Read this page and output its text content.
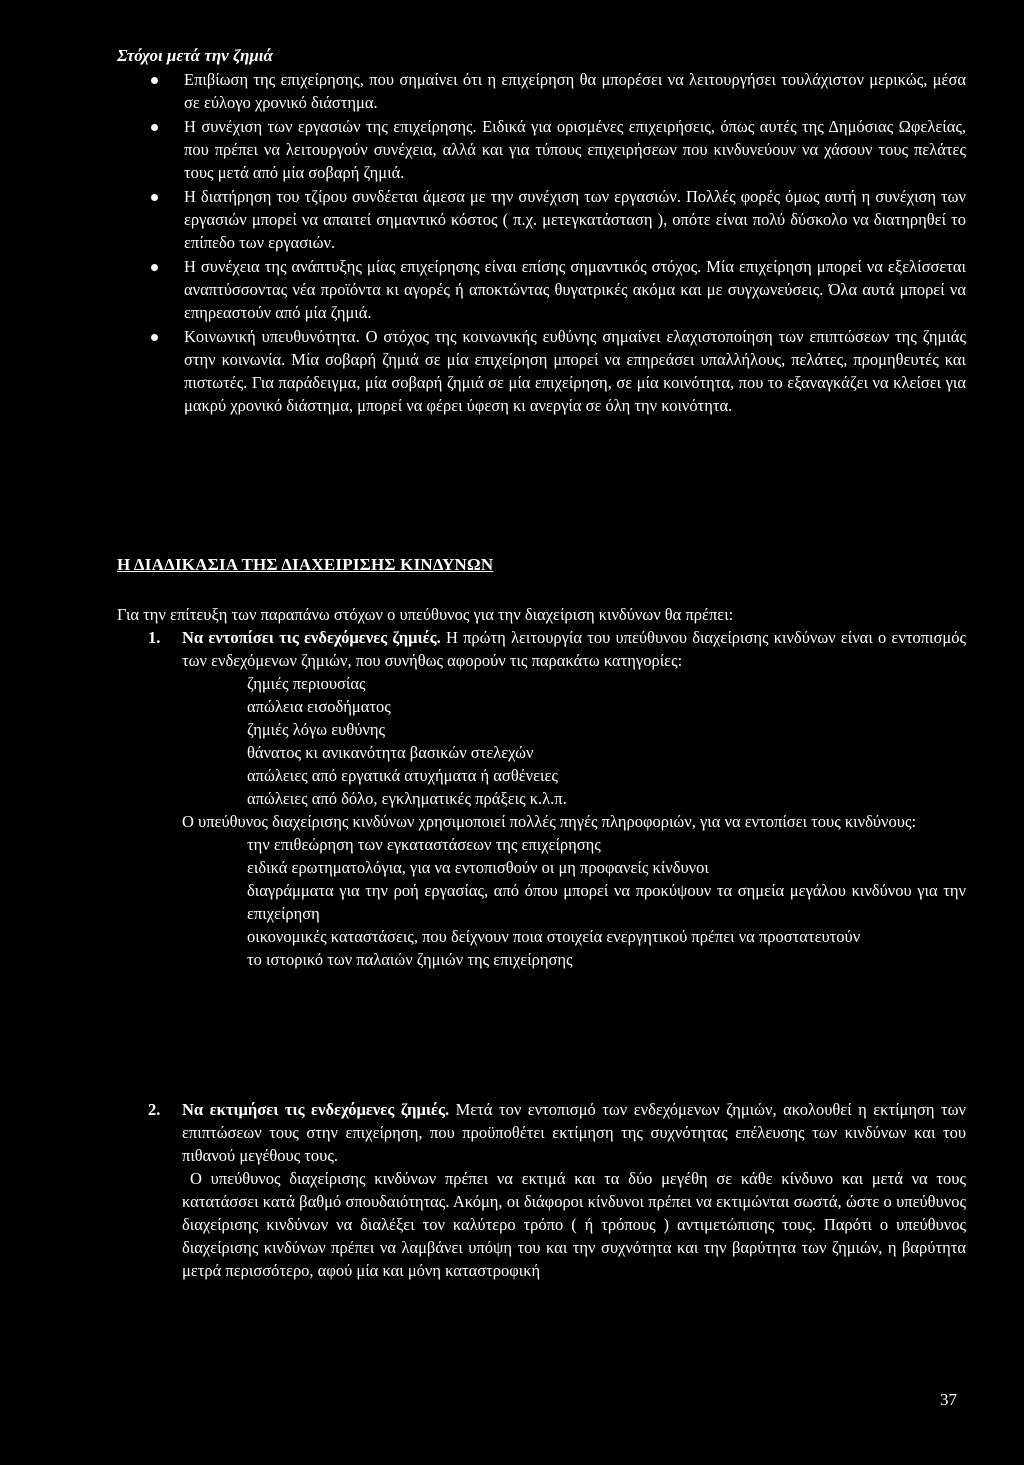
Στόχοι μετά την ζημιά
Επιβίωση της επιχείρησης, που σημαίνει ότι η επιχείρηση θα μπορέσει να λειτουργήσει τουλάχιστον μερικώς, μέσα σε εύλογο χρονικό διάστημα.
Η συνέχιση των εργασιών της επιχείρησης. Ειδικά για ορισμένες επιχειρήσεις, όπως αυτές της Δημόσιας Ωφελείας, που πρέπει να λειτουργούν συνέχεια, αλλά και για τύπους επιχειρήσεων που κινδυνεύουν να χάσουν τους πελάτες τους μετά από μία σοβαρή ζημιά.
Η διατήρηση του τζίρου συνδέεται άμεσα με την συνέχιση των εργασιών. Πολλές φορές όμως αυτή η συνέχιση των εργασιών μπορεί να απαιτεί σημαντικό κόστος ( π.χ. μετεγκατάσταση ), οπότε είναι πολύ δύσκολο να διατηρηθεί το επίπεδο των εργασιών.
Η συνέχεια της ανάπτυξης μίας επιχείρησης είναι επίσης σημαντικός στόχος. Μία επιχείρηση μπορεί να εξελίσσεται αναπτύσσοντας νέα προϊόντα κι αγορές ή αποκτώντας θυγατρικές ακόμα και με συγχωνεύσεις. Όλα αυτά μπορεί να επηρεαστούν από μία ζημιά.
Κοινωνική υπευθυνότητα. Ο στόχος της κοινωνικής ευθύνης σημαίνει ελαχιστοποίηση των επιπτώσεων της ζημιάς στην κοινωνία. Μία σοβαρή ζημιά σε μία επιχείρηση μπορεί να επηρεάσει υπαλλήλους, πελάτες, προμηθευτές και πιστωτές. Για παράδειγμα, μία σοβαρή ζημιά σε μία επιχείρηση, σε μία κοινότητα, που το εξαναγκάζει να κλείσει για μακρύ χρονικό διάστημα, μπορεί να φέρει ύφεση κι ανεργία σε όλη την κοινότητα.
Η ΔΙΑΔΙΚΑΣΙΑ ΤΗΣ ΔΙΑΧΕΙΡΙΣΗΣ ΚΙΝΔΥΝΩΝ
Για την επίτευξη των παραπάνω στόχων ο υπεύθυνος για την διαχείριση κινδύνων θα πρέπει:
1. Να εντοπίσει τις ενδεχόμενες ζημιές. Η πρώτη λειτουργία του υπεύθυνου διαχείρισης κινδύνων είναι ο εντοπισμός των ενδεχόμενων ζημιών, που συνήθως αφορούν τις παρακάτω κατηγορίες:
ζημιές περιουσίας
απώλεια εισοδήματος
ζημιές λόγω ευθύνης
θάνατος κι ανικανότητα βασικών στελεχών
απώλειες από εργατικά ατυχήματα ή ασθένειες
απώλειες από δόλο, εγκληματικές πράξεις κ.λ.π.
Ο υπεύθυνος διαχείρισης κινδύνων χρησιμοποιεί πολλές πηγές πληροφοριών, για να εντοπίσει τους κινδύνους:
την επιθεώρηση των εγκαταστάσεων της επιχείρησης
ειδικά ερωτηματολόγια, για να εντοπισθούν οι μη προφανείς κίνδυνοι
διαγράμματα για την ροή εργασίας, από όπου μπορεί να προκύψουν τα σημεία μεγάλου κινδύνου για την επιχείρηση
οικονομικές καταστάσεις, που δείχνουν ποια στοιχεία ενεργητικού πρέπει να προστατευτούν
το ιστορικό των παλαιών ζημιών της επιχείρησης
2. Να εκτιμήσει τις ενδεχόμενες ζημιές. Μετά τον εντοπισμό των ενδεχόμενων ζημιών, ακολουθεί η εκτίμηση των επιπτώσεων τους στην επιχείρηση, που προϋποθέτει εκτίμηση της συχνότητας επέλευσης των κινδύνων και του πιθανού μεγέθους τους.
Ο υπεύθυνος διαχείρισης κινδύνων πρέπει να εκτιμά και τα δύο μεγέθη σε κάθε κίνδυνο και μετά να τους κατατάσσει κατά βαθμό σπουδαιότητας. Ακόμη, οι διάφοροι κίνδυνοι πρέπει να εκτιμώνται σωστά, ώστε ο υπεύθυνος διαχείρισης κινδύνων να διαλέξει τον καλύτερο τρόπο ( ή τρόπους ) αντιμετώπισης τους. Παρότι ο υπεύθυνος διαχείρισης κινδύνων πρέπει να λαμβάνει υπόψη του και την συχνότητα και την βαρύτητα των ζημιών, η βαρύτητα μετρά περισσότερο, αφού μία και μόνη καταστροφική
37
